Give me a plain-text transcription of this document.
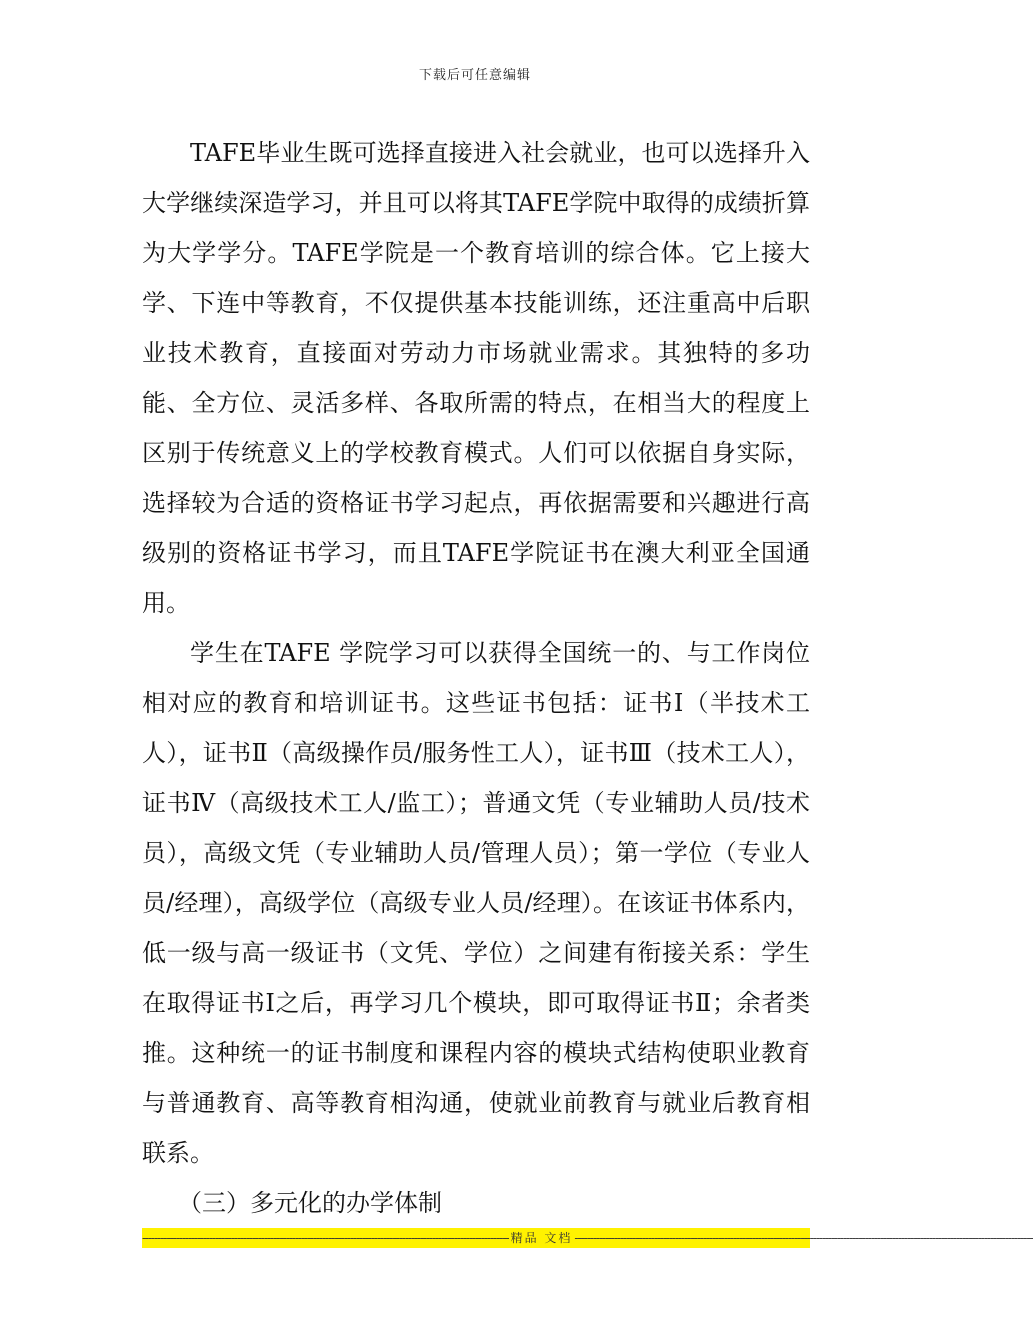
下载后可任意编辑

TAFE毕业生既可选择直接进入社会就业，也可以选择升入大学继续深造学习，并且可以将其TAFE学院中取得的成绩折算为大学学分。TAFE学院是一个教育培训的综合体。它上接大学、下连中等教育，不仅提供基本技能训练，还注重高中后职业技术教育，直接面对劳动力市场就业需求。其独特的多功能、全方位、灵活多样、各取所需的特点，在相当大的程度上区别于传统意义上的学校教育模式。人们可以依据自身实际，选择较为合适的资格证书学习起点，再依据需要和兴趣进行高级别的资格证书学习，而且TAFE学院证书在澳大利亚全国通用。

学生在TAFE 学院学习可以获得全国统一的、与工作岗位相对应的教育和培训证书。这些证书包括：证书Ⅰ（半技术工人），证书Ⅱ（高级操作员/服务性工人），证书Ⅲ（技术工人），证书Ⅳ（高级技术工人/监工）；普通文凭（专业辅助人员/技术员），高级文凭（专业辅助人员/管理人员）；第一学位（专业人员/经理），高级学位（高级专业人员/经理）。在该证书体系内，低一级与高一级证书（文凭、学位）之间建有衔接关系：学生在取得证书Ⅰ之后，再学习几个模块，即可取得证书Ⅱ；余者类推。这种统一的证书制度和课程内容的模块式结构使职业教育与普通教育、高等教育相沟通，使就业前教育与就业后教育相联系。

（三）多元化的办学体制

------------------------------------------------------------------------------------------------------------------------ 精品 文档 ------------------------------------------------------------------------------------------------------------------------------------------------------
